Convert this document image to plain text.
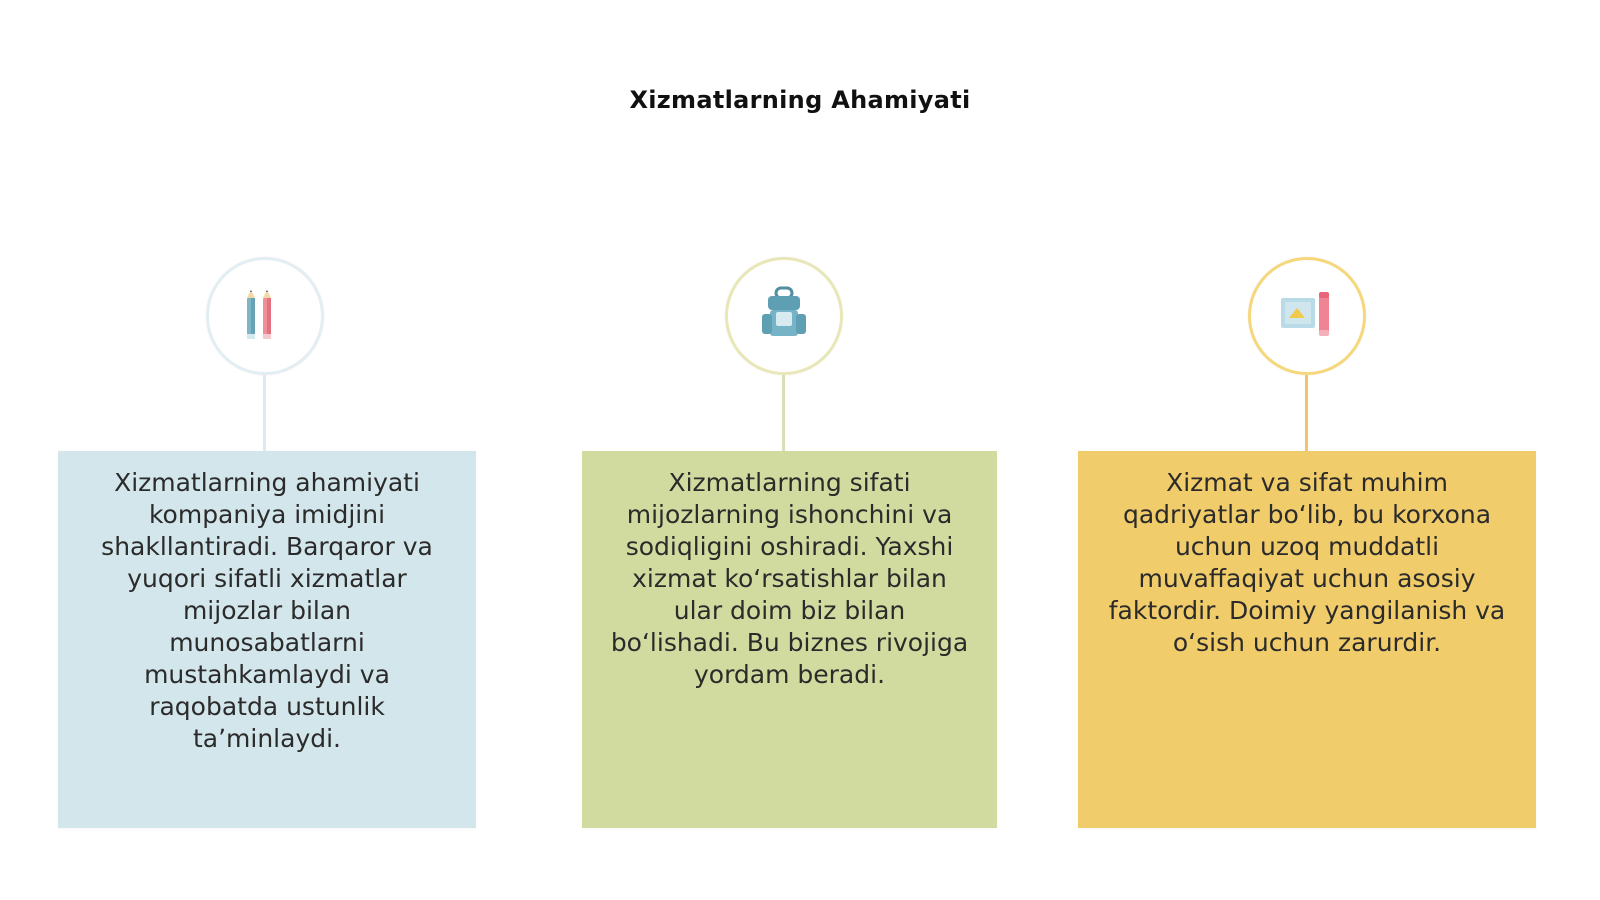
Xizmatlarning Ahamiyati
Xizmatlarning ahamiyati kompaniya imidjini shakllantiradi. Barqaror va yuqori sifatli xizmatlar mijozlar bilan munosabatlarni mustahkamlaydi va raqobatda ustunlik taʼminlaydi.
Xizmatlarning sifati mijozlarning ishonchini va sodiqligini oshiradi. Yaxshi xizmat koʻrsatishlar bilan ular doim biz bilan boʻlishadi. Bu biznes rivojiga yordam beradi.
Xizmat va sifat muhim qadriyatlar boʻlib, bu korxona uchun uzoq muddatli muvaffaqiyat uchun asosiy faktordir. Doimiy yangilanish va oʻsish uchun zarurdir.
